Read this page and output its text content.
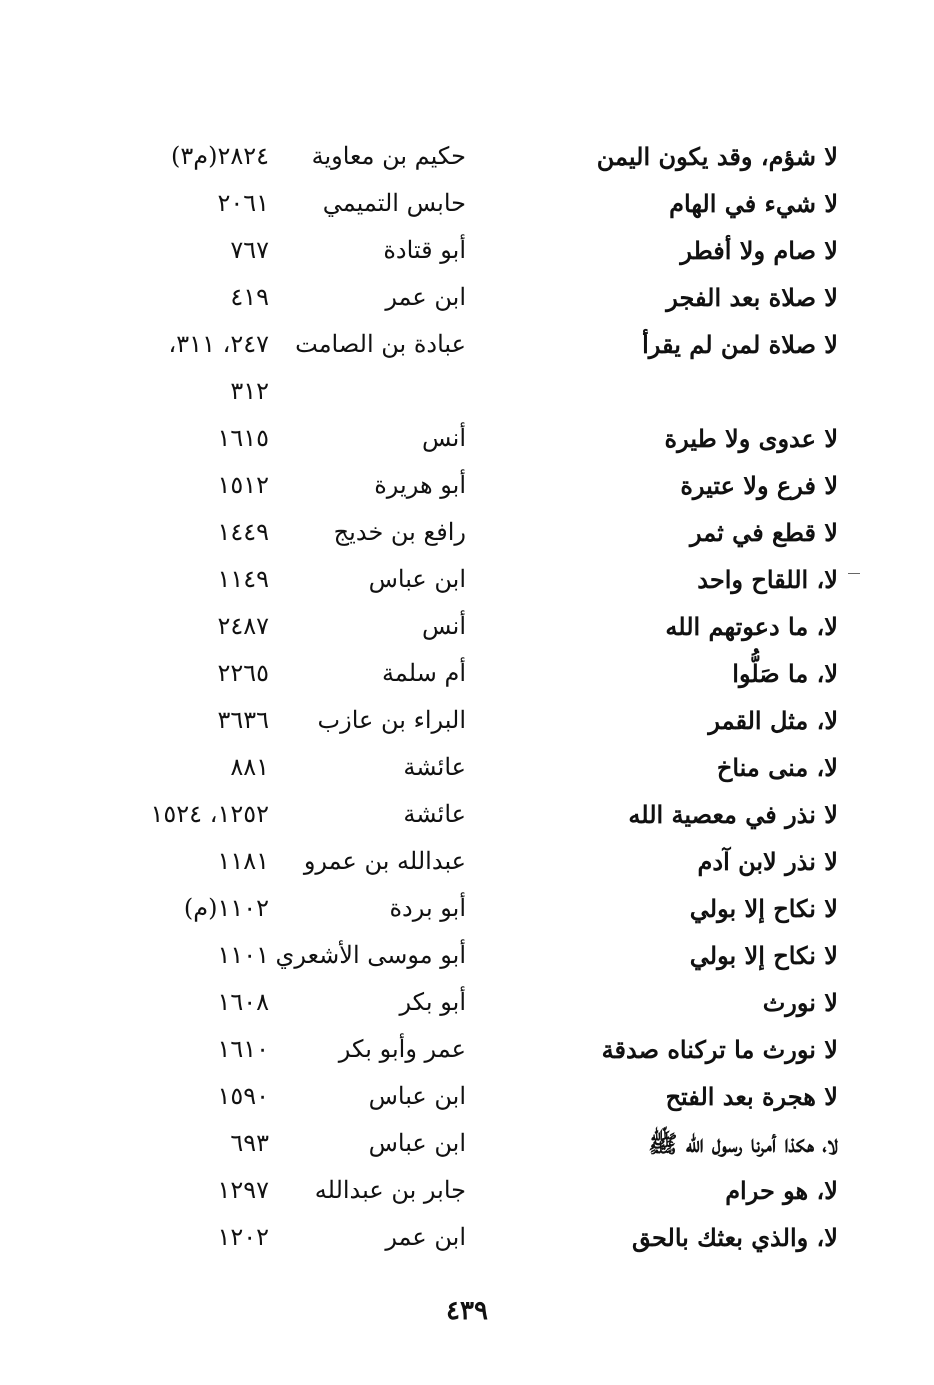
لا شؤم، وقد يكون اليمن
حكيم بن معاوية
٢٨٢٤(م٣)
لا شيء في الهام
حابس التميمي
٢٠٦١
لا صام ولا أفطر
أبو قتادة
٧٦٧
لا صلاة بعد الفجر
ابن عمر
٤١٩
لا صلاة لمن لم يقرأ
عبادة بن الصامت
٢٤٧، ٣١١،
٣١٢
لا عدوى ولا طيرة
أنس
١٦١٥
لا فرع ولا عتيرة
أبو هريرة
١٥١٢
لا قطع في ثمر
رافع بن خديج
١٤٤٩
لا، اللقاح واحد
ابن عباس
١١٤٩
لا، ما دعوتهم الله
أنس
٢٤٨٧
لا، ما صَلُّوا
أم سلمة
٢٢٦٥
لا، مثل القمر
البراء بن عازب
٣٦٣٦
لا، منى مناخ
عائشة
٨٨١
لا نذر في معصية الله
عائشة
١٢٥٢، ١٥٢٤
لا نذر لابن آدم
عبدالله بن عمرو
١١٨١
لا نكاح إلا بولي
أبو بردة
١١٠٢(م)
لا نكاح إلا بولي
أبو موسى الأشعري
١١٠١
لا نورث
أبو بكر
١٦٠٨
لا نورث ما تركناه صدقة
عمر وأبو بكر
١٦١٠
لا هجرة بعد الفتح
ابن عباس
١٥٩٠
لا، هكذا أمرنا رسول الله ﷺ
ابن عباس
٦٩٣
لا، هو حرام
جابر بن عبدالله
١٢٩٧
لا، والذي بعثك بالحق
ابن عمر
١٢٠٢
٤٣٩
